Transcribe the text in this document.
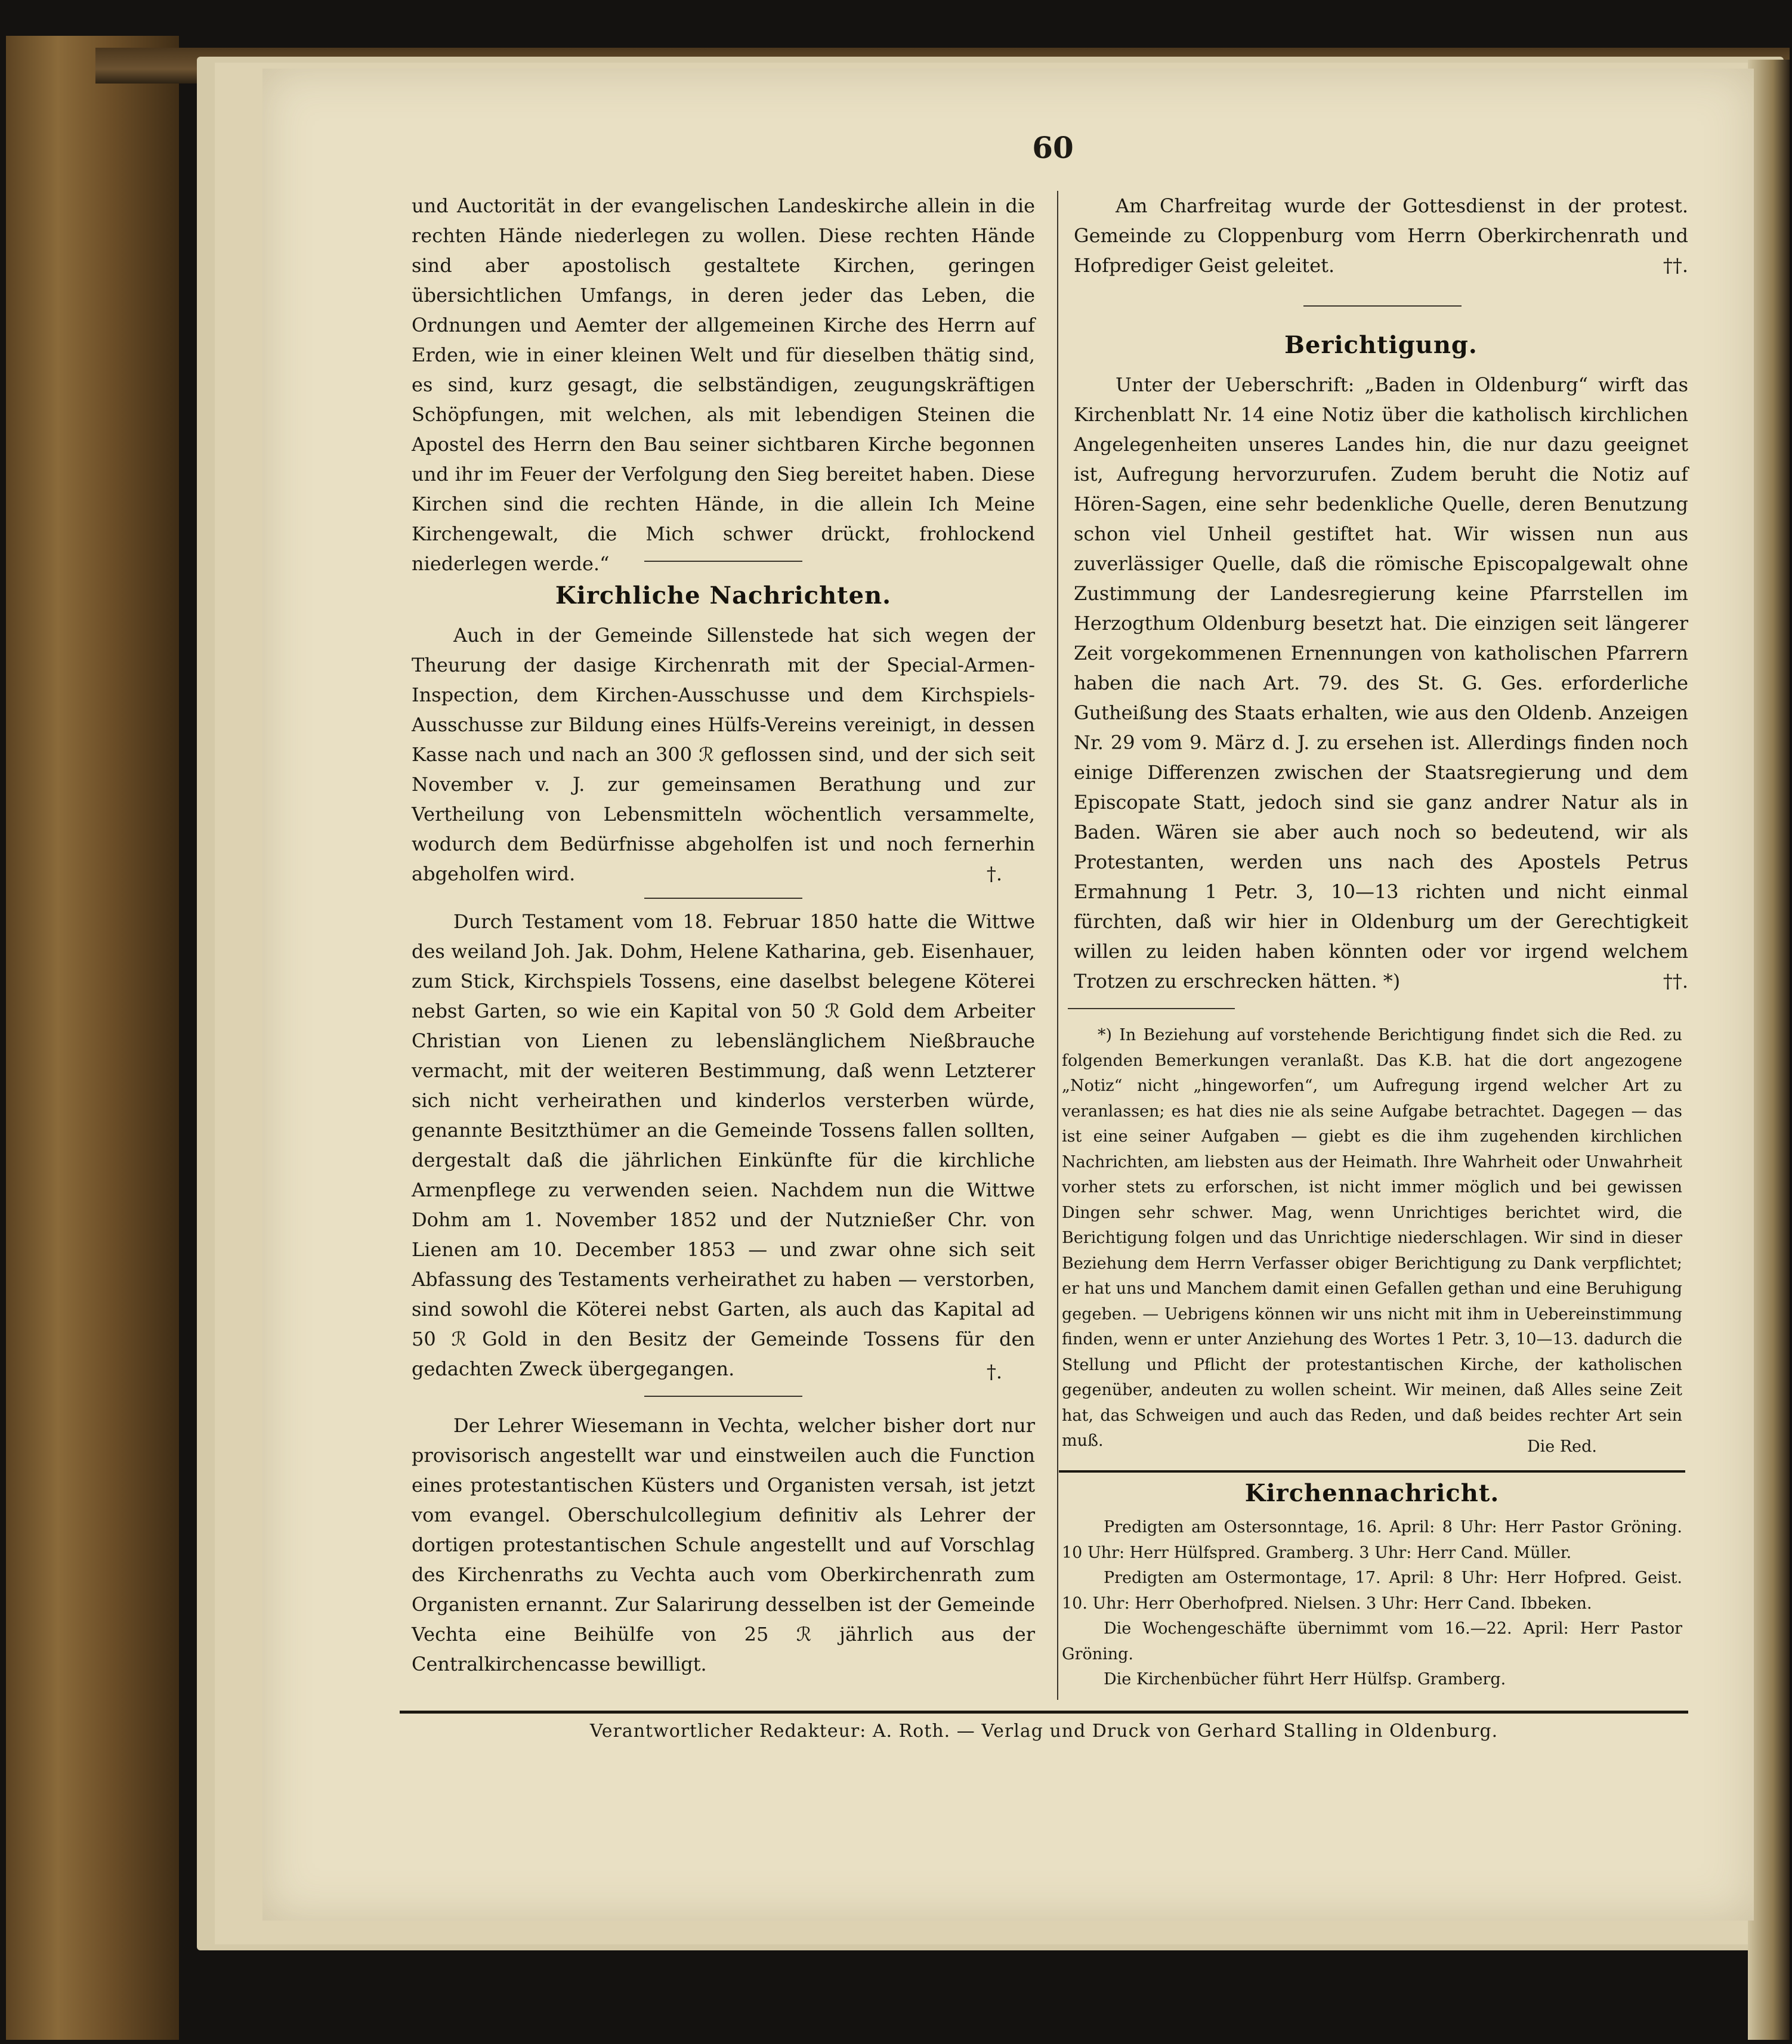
60

und Auctorität in der evangelischen Landeskirche allein in die rechten Hände niederlegen zu wollen. Diese rechten Hände sind aber apostolisch gestaltete Kirchen, geringen übersichtlichen Umfangs, in deren jeder das Leben, die Ordnungen und Aemter der allgemeinen Kirche des Herrn auf Erden, wie in einer kleinen Welt und für dieselben thätig sind, es sind, kurz gesagt, die selbständigen, zeugungskräftigen Schöpfungen, mit welchen, als mit lebendigen Steinen die Apostel des Herrn den Bau seiner sichtbaren Kirche begonnen und ihr im Feuer der Verfolgung den Sieg bereitet haben. Diese Kirchen sind die rechten Hände, in die allein Ich Meine Kirchengewalt, die Mich schwer drückt, frohlockend niederlegen werde.“

Kirchliche Nachrichten.

Auch in der Gemeinde Sillenstede hat sich wegen der Theurung der dasige Kirchenrath mit der Special-Armen-Inspection, dem Kirchen-Ausschusse und dem Kirchspiels-Ausschusse zur Bildung eines Hülfs-Vereins vereinigt, in dessen Kasse nach und nach an 300 ℛ geflossen sind, und der sich seit November v. J. zur gemeinsamen Berathung und zur Vertheilung von Lebensmitteln wöchentlich versammelte, wodurch dem Bedürfnisse abgeholfen ist und noch fernerhin abgeholfen wird.	†.

Durch Testament vom 18. Februar 1850 hatte die Wittwe des weiland Joh. Jak. Dohm, Helene Katharina, geb. Eisenhauer, zum Stick, Kirchspiels Tossens, eine daselbst belegene Köterei nebst Garten, so wie ein Kapital von 50 ℛ Gold dem Arbeiter Christian von Lienen zu lebenslänglichem Nießbrauche vermacht, mit der weiteren Bestimmung, daß wenn Letzterer sich nicht verheirathen und kinderlos versterben würde, genannte Besitzthümer an die Gemeinde Tossens fallen sollten, dergestalt daß die jährlichen Einkünfte für die kirchliche Armenpflege zu verwenden seien. Nachdem nun die Wittwe Dohm am 1. November 1852 und der Nutznießer Chr. von Lienen am 10. December 1853 — und zwar ohne sich seit Abfassung des Testaments verheirathet zu haben — verstorben, sind sowohl die Köterei nebst Garten, als auch das Kapital ad 50 ℛ Gold in den Besitz der Gemeinde Tossens für den gedachten Zweck übergegangen.	†.

Der Lehrer Wiesemann in Vechta, welcher bisher dort nur provisorisch angestellt war und einstweilen auch die Function eines protestantischen Küsters und Organisten versah, ist jetzt vom evangel. Oberschulcollegium definitiv als Lehrer der dortigen protestantischen Schule angestellt und auf Vorschlag des Kirchenraths zu Vechta auch vom Oberkirchenrath zum Organisten ernannt. Zur Salarirung desselben ist der Gemeinde Vechta eine Beihülfe von 25 ℛ jährlich aus der Centralkirchencasse bewilligt.

Am Charfreitag wurde der Gottesdienst in der protest. Gemeinde zu Cloppenburg vom Herrn Oberkirchenrath und Hofprediger Geist geleitet.	††.
Berichtigung.

Unter der Ueberschrift: „Baden in Oldenburg“ wirft das Kirchenblatt Nr. 14 eine Notiz über die katholisch kirchlichen Angelegenheiten unseres Landes hin, die nur dazu geeignet ist, Aufregung hervorzurufen. Zudem beruht die Notiz auf Hören-Sagen, eine sehr bedenkliche Quelle, deren Benutzung schon viel Unheil gestiftet hat. Wir wissen nun aus zuverlässiger Quelle, daß die römische Episcopalgewalt ohne Zustimmung der Landesregierung keine Pfarrstellen im Herzogthum Oldenburg besetzt hat. Die einzigen seit längerer Zeit vorgekommenen Ernennungen von katholischen Pfarrern haben die nach Art. 79. des St. G. Ges. erforderliche Gutheißung des Staats erhalten, wie aus den Oldenb. Anzeigen Nr. 29 vom 9. März d. J. zu ersehen ist. Allerdings finden noch einige Differenzen zwischen der Staatsregierung und dem Episcopate Statt, jedoch sind sie ganz andrer Natur als in Baden. Wären sie aber auch noch so bedeutend, wir als Protestanten, werden uns nach des Apostels Petrus Ermahnung 1 Petr. 3, 10—13 richten und nicht einmal fürchten, daß wir hier in Oldenburg um der Gerechtigkeit willen zu leiden haben könnten oder vor irgend welchem Trotzen zu erschrecken hätten. *)	††.

*) In Beziehung auf vorstehende Berichtigung findet sich die Red. zu folgenden Bemerkungen veranlaßt. Das K.B. hat die dort angezogene „Notiz“ nicht „hingeworfen“, um Aufregung irgend welcher Art zu veranlassen; es hat dies nie als seine Aufgabe betrachtet. Dagegen — das ist eine seiner Aufgaben — giebt es die ihm zugehenden kirchlichen Nachrichten, am liebsten aus der Heimath. Ihre Wahrheit oder Unwahrheit vorher stets zu erforschen, ist nicht immer möglich und bei gewissen Dingen sehr schwer. Mag, wenn Unrichtiges berichtet wird, die Berichtigung folgen und das Unrichtige niederschlagen. Wir sind in dieser Beziehung dem Herrn Verfasser obiger Berichtigung zu Dank verpflichtet; er hat uns und Manchem damit einen Gefallen gethan und eine Beruhigung gegeben. — Uebrigens können wir uns nicht mit ihm in Uebereinstimmung finden, wenn er unter Anziehung des Wortes 1 Petr. 3, 10—13. dadurch die Stellung und Pflicht der protestantischen Kirche, der katholischen gegenüber, andeuten zu wollen scheint. Wir meinen, daß Alles seine Zeit hat, das Schweigen und auch das Reden, und daß beides rechter Art sein muß.	Die Red.
Kirchennachricht.

Predigten am Ostersonntage, 16. April: 8 Uhr: Herr Pastor Gröning. 10 Uhr: Herr Hülfspred. Gramberg. 3 Uhr: Herr Cand. Müller.

Predigten am Ostermontage, 17. April: 8 Uhr: Herr Hofpred. Geist. 10. Uhr: Herr Oberhofpred. Nielsen. 3 Uhr: Herr Cand. Ibbeken.

Die Wochengeschäfte übernimmt vom 16.—22. April: Herr Pastor Gröning.

Die Kirchenbücher führt Herr Hülfsp. Gramberg.

Verantwortlicher Redakteur: A. Roth. — Verlag und Druck von Gerhard Stalling in Oldenburg.
